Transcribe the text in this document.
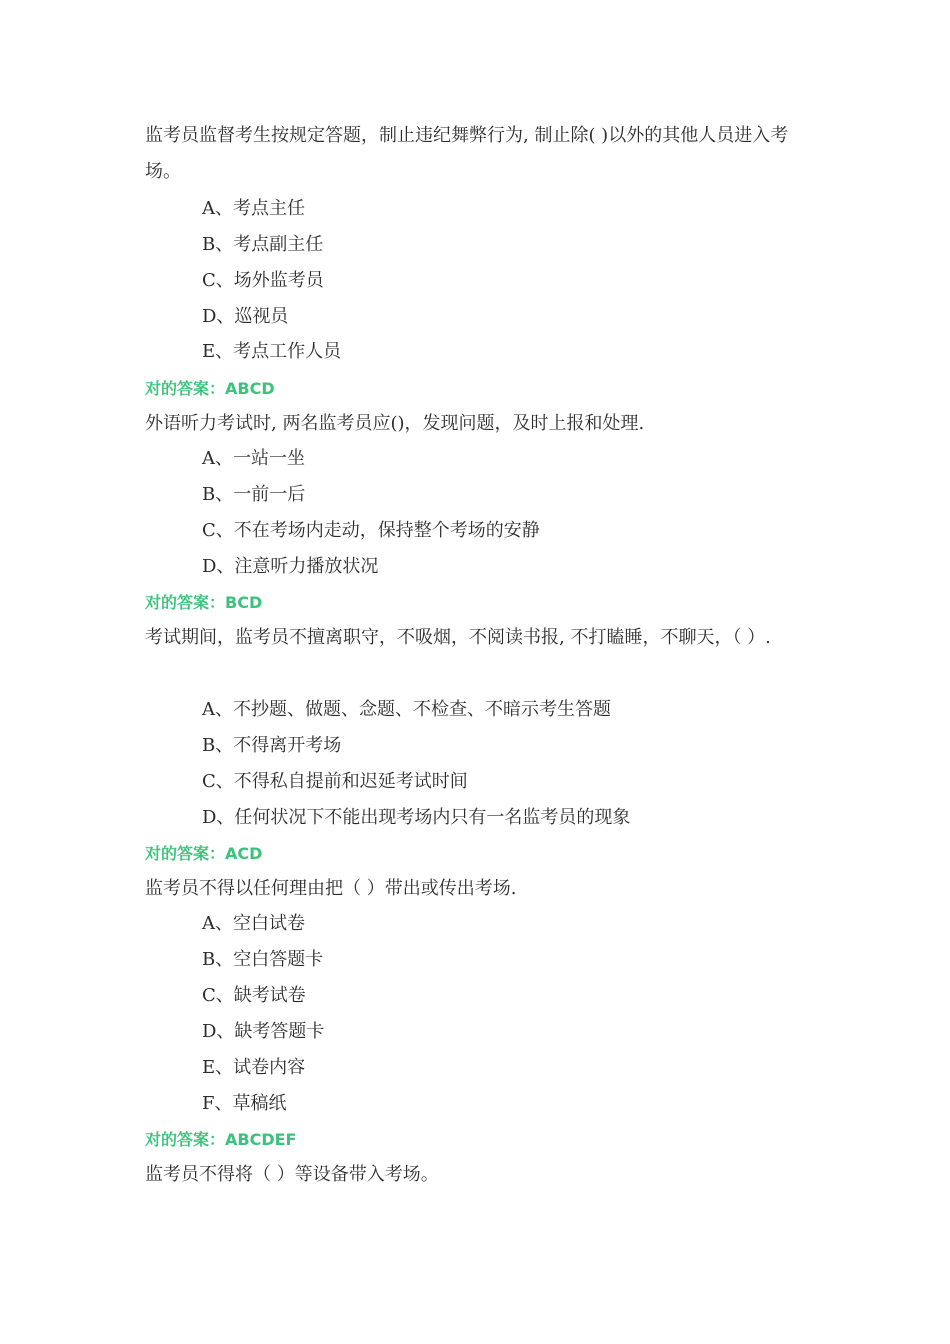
监考员监督考生按规定答题，制止违纪舞弊行为, 制止除( )以外的其他人员进入考场。

A、考点主任
B、考点副主任
C、场外监考员
D、巡视员
E、考点工作人员
对的答案：ABCD

外语听力考试时, 两名监考员应()，发现问题，及时上报和处理.

A、一站一坐
B、一前一后
C、不在考场内走动，保持整个考场的安静
D、注意听力播放状况
对的答案：BCD

考试期间，监考员不擅离职守，不吸烟，不阅读书报, 不打瞌睡，不聊天，（ ）.

A、不抄题、做题、念题、不检查、不暗示考生答题
B、不得离开考场
C、不得私自提前和迟延考试时间
D、任何状况下不能出现考场内只有一名监考员的现象
对的答案：ACD

监考员不得以任何理由把（ ）带出或传出考场.

A、空白试卷
B、空白答题卡
C、缺考试卷
D、缺考答题卡
E、试卷内容
F、草稿纸
对的答案：ABCDEF

监考员不得将（ ）等设备带入考场。
